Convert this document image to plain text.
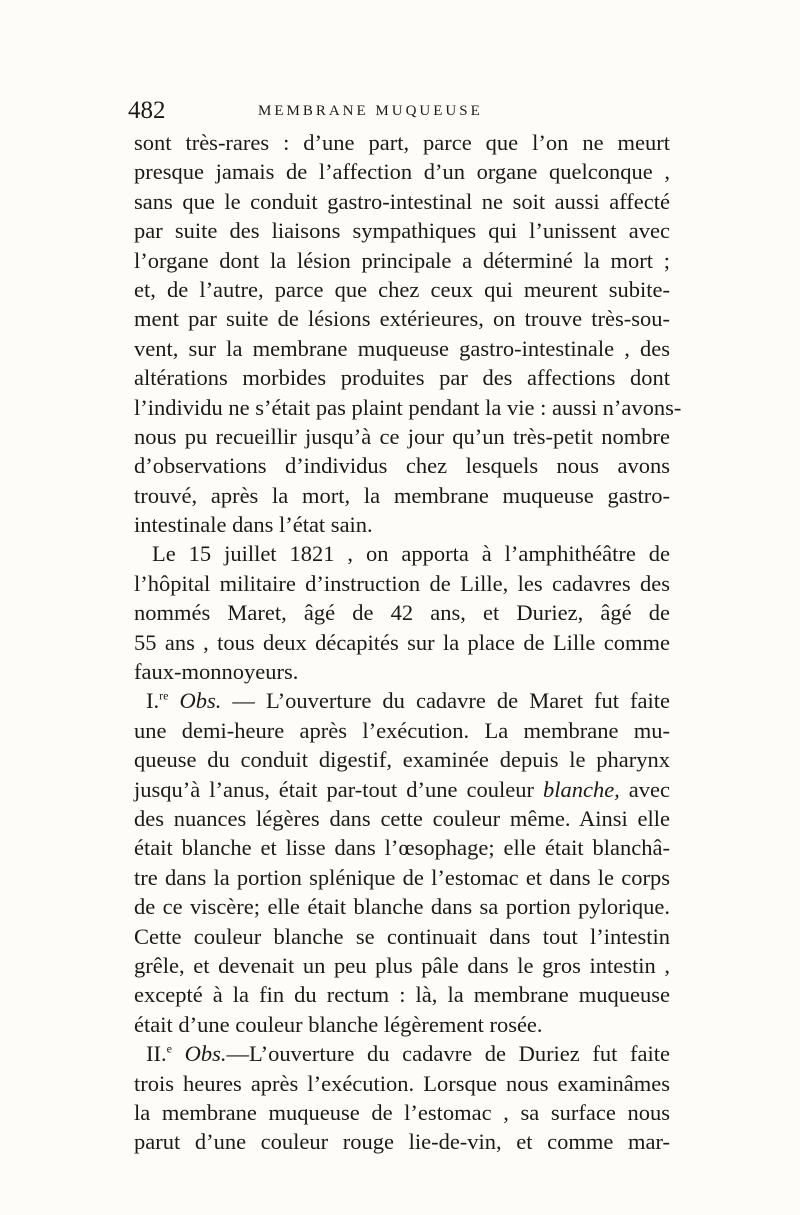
482	MEMBRANE MUQUEUSE
sont très-rares : d’une part, parce que l’on ne meurt
presque jamais de l’affection d’un organe quelconque ,
sans que le conduit gastro-intestinal ne soit aussi affecté
par suite des liaisons sympathiques qui l’unissent avec
l’organe dont la lésion principale a déterminé la mort ;
et, de l’autre, parce que chez ceux qui meurent subite-
ment par suite de lésions extérieures, on trouve très-sou-
vent, sur la membrane muqueuse gastro-intestinale , des
altérations morbides produites par des affections dont
l’individu ne s’était pas plaint pendant la vie : aussi n’avons-
nous pu recueillir jusqu’à ce jour qu’un très-petit nombre
d’observations d’individus chez lesquels nous avons
trouvé, après la mort, la membrane muqueuse gastro-
intestinale dans l’état sain.
Le 15 juillet 1821 , on apporta à l’amphithéâtre de
l’hôpital militaire d’instruction de Lille, les cadavres des
nommés Maret, âgé de 42 ans, et Duriez, âgé de
55 ans , tous deux décapités sur la place de Lille comme
faux-monnoyeurs.
I.$^{re}$ Obs. — L’ouverture du cadavre de Maret fut faite
une demi-heure après l’exécution. La membrane mu-
queuse du conduit digestif, examinée depuis le pharynx
jusqu’à l’anus, était par-tout d’une couleur blanche, avec
des nuances légères dans cette couleur même. Ainsi elle
était blanche et lisse dans l’œsophage; elle était blanchâ-
tre dans la portion splénique de l’estomac et dans le corps
de ce viscère; elle était blanche dans sa portion pylorique.
Cette couleur blanche se continuait dans tout l’intestin
grêle, et devenait un peu plus pâle dans le gros intestin ,
excepté à la fin du rectum : là, la membrane muqueuse
était d’une couleur blanche légèrement rosée.
II.$^e$ Obs.—L’ouverture du cadavre de Duriez fut faite
trois heures après l’exécution. Lorsque nous examinâmes
la membrane muqueuse de l’estomac , sa surface nous
parut d’une couleur rouge lie-de-vin, et comme mar-
